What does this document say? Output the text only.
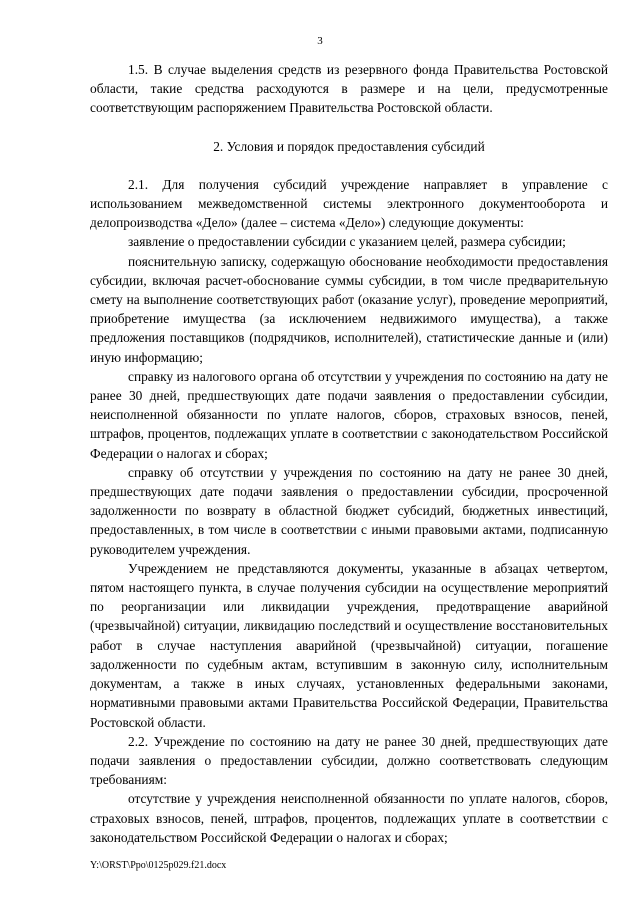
3

1.5. В случае выделения средств из резервного фонда Правительства Ростовской области, такие средства расходуются в размере и на цели, предусмотренные соответствующим распоряжением Правительства Ростовской области.

2. Условия и порядок предоставления субсидий

2.1. Для получения субсидий учреждение направляет в управление с использованием межведомственной системы электронного документооборота и делопроизводства «Дело» (далее – система «Дело») следующие документы:

заявление о предоставлении субсидии с указанием целей, размера субсидии;

пояснительную записку, содержащую обоснование необходимости предоставления субсидии, включая расчет-обоснование суммы субсидии, в том числе предварительную смету на выполнение соответствующих работ (оказание услуг), проведение мероприятий, приобретение имущества (за исключением недвижимого имущества), а также предложения поставщиков (подрядчиков, исполнителей), статистические данные и (или) иную информацию;

справку из налогового органа об отсутствии у учреждения по состоянию на дату не ранее 30 дней, предшествующих дате подачи заявления о предоставлении субсидии, неисполненной обязанности по уплате налогов, сборов, страховых взносов, пеней, штрафов, процентов, подлежащих уплате в соответствии с законодательством Российской Федерации о налогах и сборах;

справку об отсутствии у учреждения по состоянию на дату не ранее 30 дней, предшествующих дате подачи заявления о предоставлении субсидии, просроченной задолженности по возврату в областной бюджет субсидий, бюджетных инвестиций, предоставленных, в том числе в соответствии с иными правовыми актами, подписанную руководителем учреждения.

Учреждением не представляются документы, указанные в абзацах четвертом, пятом настоящего пункта, в случае получения субсидии на осуществление мероприятий по реорганизации или ликвидации учреждения, предотвращение аварийной (чрезвычайной) ситуации, ликвидацию последствий и осуществление восстановительных работ в случае наступления аварийной (чрезвычайной) ситуации, погашение задолженности по судебным актам, вступившим в законную силу, исполнительным документам, а также в иных случаях, установленных федеральными законами, нормативными правовыми актами Правительства Российской Федерации, Правительства Ростовской области.

2.2. Учреждение по состоянию на дату не ранее 30 дней, предшествующих дате подачи заявления о предоставлении субсидии, должно соответствовать следующим требованиям:

отсутствие у учреждения неисполненной обязанности по уплате налогов, сборов, страховых взносов, пеней, штрафов, процентов, подлежащих уплате в соответствии с законодательством Российской Федерации о налогах и сборах;

Y:\ORST\Ppo\0125p029.f21.docx
